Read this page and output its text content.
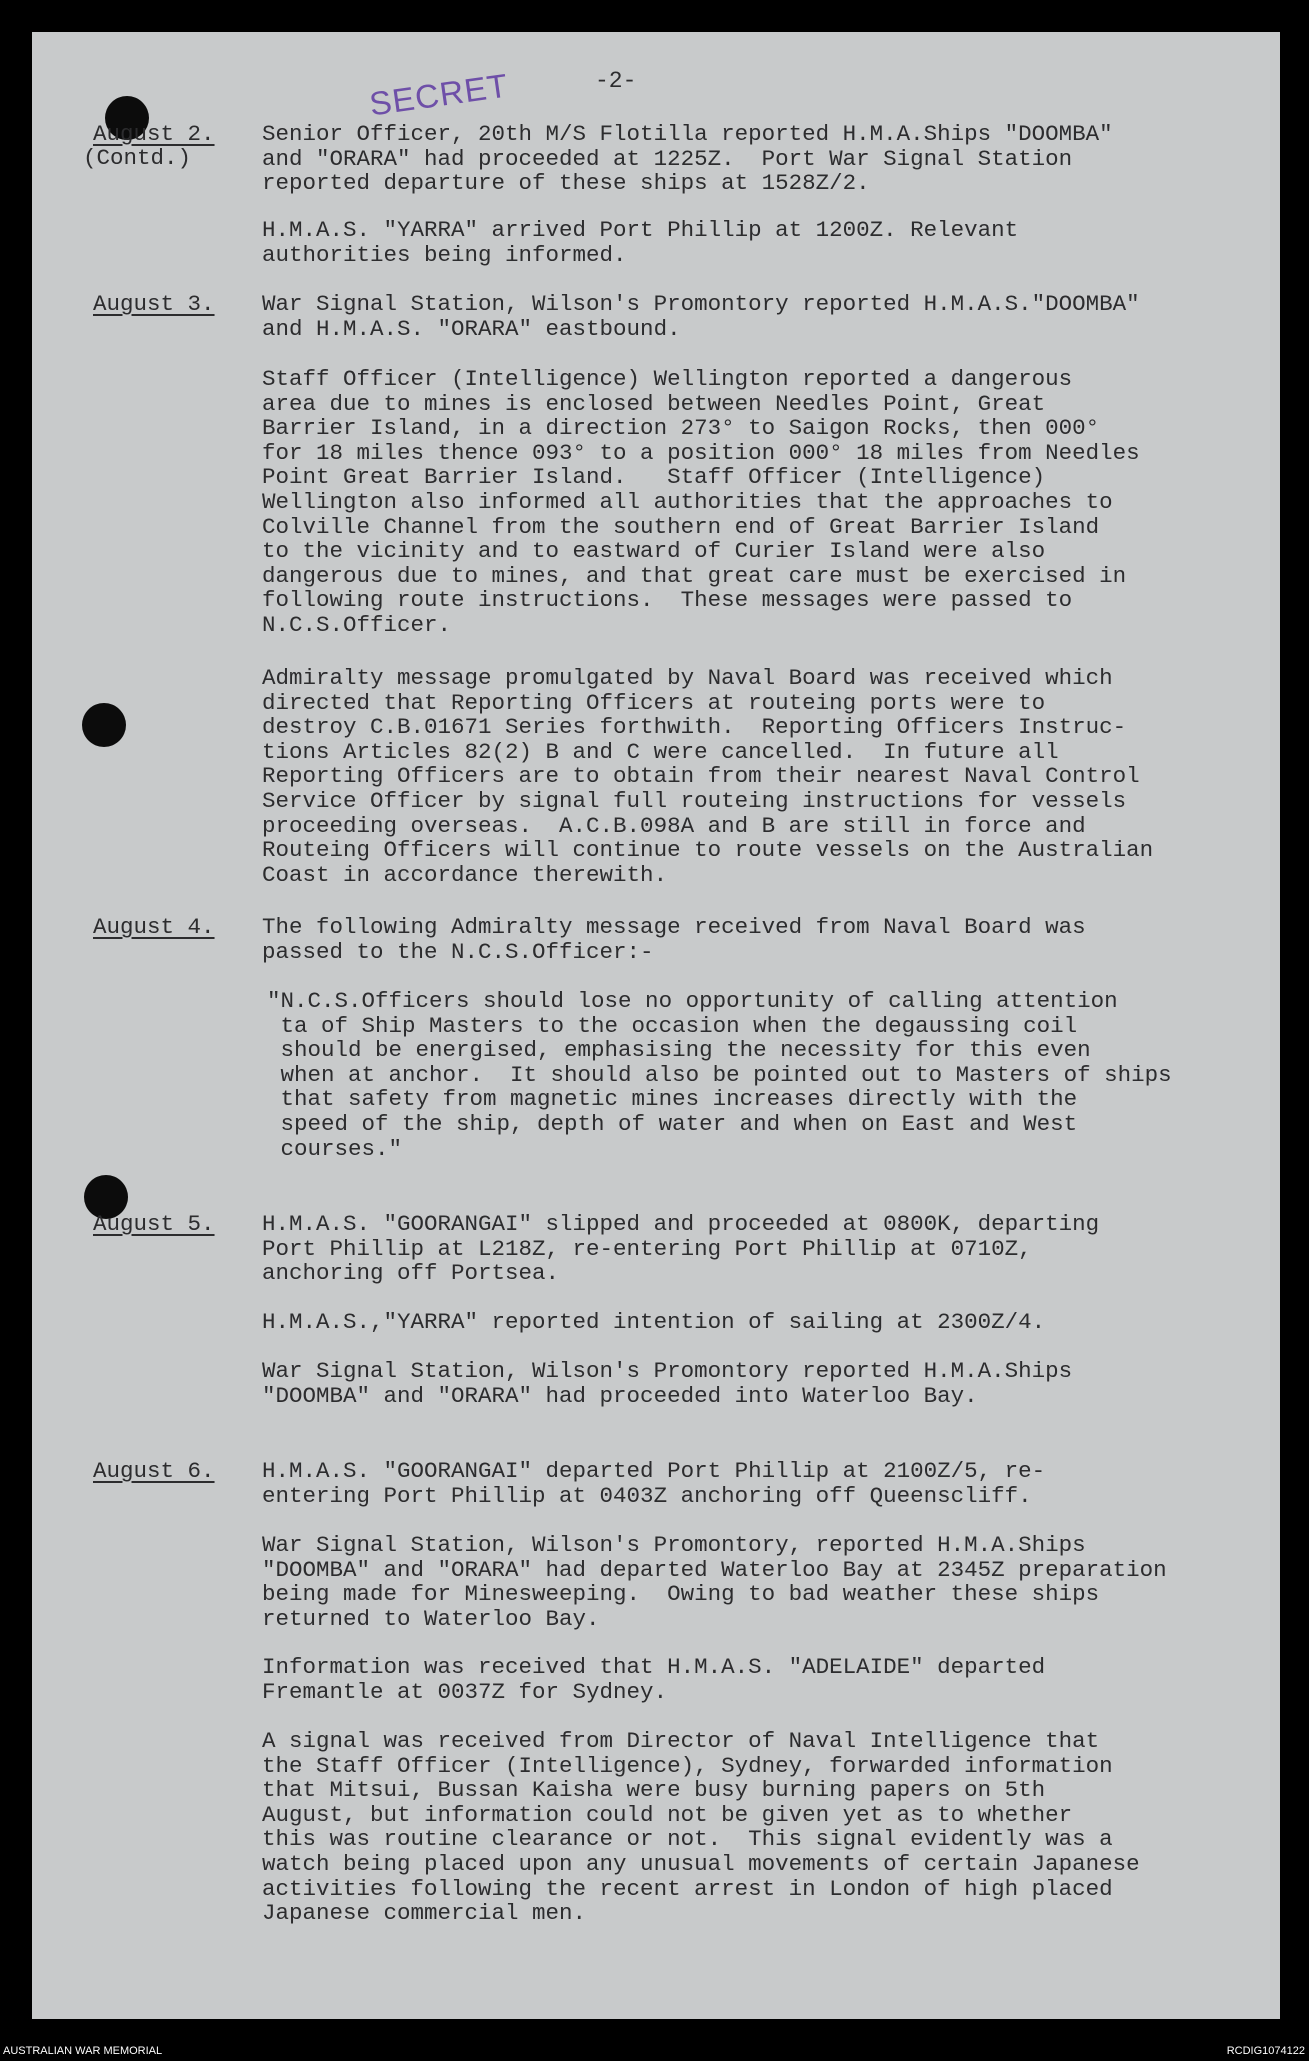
-2-
SECRET
August 2.
(Contd.)

Senior Officer, 20th M/S Flotilla reported H.M.A.Ships "DOOMBA"
and "ORARA" had proceeded at 1225Z.  Port War Signal Station
reported departure of these ships at 1528Z/2.

H.M.A.S. "YARRA" arrived Port Phillip at 1200Z. Relevant
authorities being informed.

August 3. War Signal Station, Wilson's Promontory reported H.M.A.S."DOOMBA"
and H.M.A.S. "ORARA" eastbound.

Staff Officer (Intelligence) Wellington reported a dangerous
area due to mines is enclosed between Needles Point, Great
Barrier Island, in a direction 273° to Saigon Rocks, then 000°
for 18 miles thence 093° to a position 000° 18 miles from Needles
Point Great Barrier Island.   Staff Officer (Intelligence)
Wellington also informed all authorities that the approaches to
Colville Channel from the southern end of Great Barrier Island
to the vicinity and to eastward of Curier Island were also
dangerous due to mines, and that great care must be exercised in
following route instructions.  These messages were passed to
N.C.S.Officer.

Admiralty message promulgated by Naval Board was received which
directed that Reporting Officers at routeing ports were to
destroy C.B.01671 Series forthwith.  Reporting Officers Instruc-
tions Articles 82(2) B and C were cancelled.  In future all
Reporting Officers are to obtain from their nearest Naval Control
Service Officer by signal full routeing instructions for vessels
proceeding overseas.  A.C.B.098A and B are still in force and
Routeing Officers will continue to route vessels on the Australian
Coast in accordance therewith.

August 4. The following Admiralty message received from Naval Board was
passed to the N.C.S.Officer:-

"N.C.S.Officers should lose no opportunity of calling attention
ta of Ship Masters to the occasion when the degaussing coil
should be energised, emphasising the necessity for this even
when at anchor.  It should also be pointed out to Masters of ships
that safety from magnetic mines increases directly with the
speed of the ship, depth of water and when on East and West
courses."

August 5. H.M.A.S. "GOORANGAI" slipped and proceeded at 0800K, departing
Port Phillip at L218Z, re-entering Port Phillip at 0710Z,
anchoring off Portsea.

H.M.A.S.,"YARRA" reported intention of sailing at 2300Z/4.

War Signal Station, Wilson's Promontory reported H.M.A.Ships
"DOOMBA" and "ORARA" had proceeded into Waterloo Bay.

August 6. H.M.A.S. "GOORANGAI" departed Port Phillip at 2100Z/5, re-
entering Port Phillip at 0403Z anchoring off Queenscliff.

War Signal Station, Wilson's Promontory, reported H.M.A.Ships
"DOOMBA" and "ORARA" had departed Waterloo Bay at 2345Z preparation
being made for Minesweeping.  Owing to bad weather these ships
returned to Waterloo Bay.

Information was received that H.M.A.S. "ADELAIDE" departed
Fremantle at 0037Z for Sydney.

A signal was received from Director of Naval Intelligence that
the Staff Officer (Intelligence), Sydney, forwarded information
that Mitsui, Bussan Kaisha were busy burning papers on 5th
August, but information could not be given yet as to whether
this was routine clearance or not.  This signal evidently was a
watch being placed upon any unusual movements of certain Japanese
activities following the recent arrest in London of high placed
Japanese commercial men.

AUSTRALIAN WAR MEMORIAL	RCDIG1074122
